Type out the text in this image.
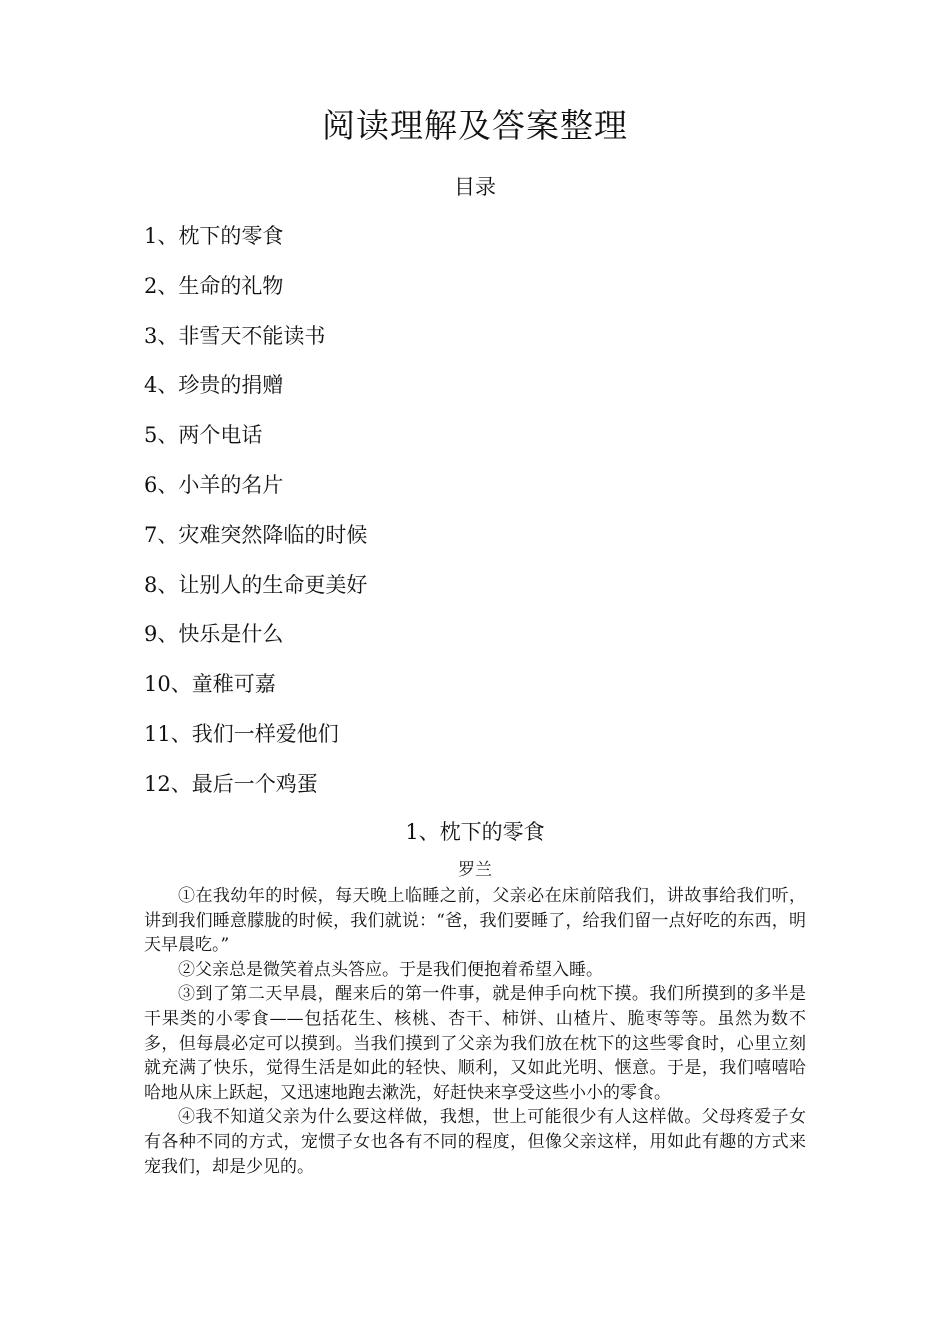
阅读理解及答案整理
目录
1、枕下的零食
2、生命的礼物
3、非雪天不能读书
4、珍贵的捐赠
5、两个电话
6、小羊的名片
7、灾难突然降临的时候
8、让别人的生命更美好
9、快乐是什么
10、童稚可嘉
11、我们一样爱他们
12、最后一个鸡蛋
1、枕下的零食
罗兰

①在我幼年的时候，每天晚上临睡之前，父亲必在床前陪我们，讲故事给我们听，讲到我们睡意朦胧的时候，我们就说：“爸，我们要睡了，给我们留一点好吃的东西，明天早晨吃。”

②父亲总是微笑着点头答应。于是我们便抱着希望入睡。

③到了第二天早晨，醒来后的第一件事，就是伸手向枕下摸。我们所摸到的多半是干果类的小零食——包括花生、核桃、杏干、柿饼、山楂片、脆枣等等。虽然为数不多，但每晨必定可以摸到。当我们摸到了父亲为我们放在枕下的这些零食时，心里立刻就充满了快乐，觉得生活是如此的轻快、顺利，又如此光明、惬意。于是，我们嘻嘻哈哈地从床上跃起，又迅速地跑去漱洗，好赶快来享受这些小小的零食。

④我不知道父亲为什么要这样做，我想，世上可能很少有人这样做。父母疼爱子女有各种不同的方式，宠惯子女也各有不同的程度，但像父亲这样，用如此有趣的方式来宠我们，却是少见的。
